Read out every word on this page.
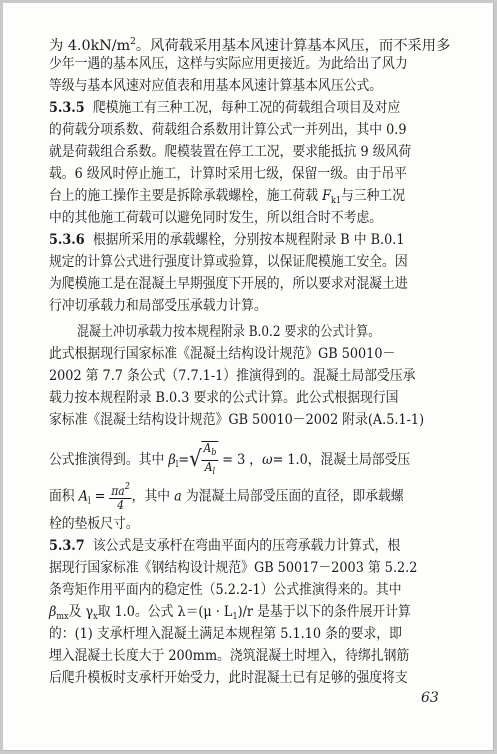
为 $4.0kN/m^2$。风荷载采用基本风速计算基本风压，而不采用多
少年一遇的基本风压，这样与实际应用更接近。为此给出了风力
等级与基本风速对应值表和用基本风速计算基本风压公式。
5.3.5 爬模施工有三种工况，每种工况的荷载组合项目及对应
的荷载分项系数、荷载组合系数用计算公式一并列出，其中 0.9
就是荷载组合系数。爬模装置在停工工况，要求能抵抗 9 级风荷
载。6 级风时停止施工，计算时采用七级，保留一级。由于吊平
台上的施工操作主要是拆除承载螺栓，施工荷载 $F_{k1}$与三种工况
中的其他施工荷载可以避免同时发生，所以组合时不考虑。
5.3.6 根据所采用的承载螺栓，分别按本规程附录 B 中 B.0.1
规定的计算公式进行强度计算或验算，以保证爬模施工安全。因
为爬模施工是在混凝土早期强度下开展的，所以要求对混凝土进
行冲切承载力和局部受压承载力计算。
混凝土冲切承载力按本规程附录 B.0.2 要求的公式计算。
此式根据现行国家标准《混凝土结构设计规范》GB 50010－
2002 第 7.7 条公式（7.7.1-1）推演得到的。混凝土局部受压承
载力按本规程附录 B.0.3 要求的公式计算。此公式根据现行国
家标准《混凝土结构设计规范》GB 50010－2002 附录(A.5.1-1)
公式推演得到。其中 $\beta_l=√ \frac{A_b}{A_l} = 3$ ，ω= 1.0，混凝土局部受压
面积 $A_l = \frac{\pi a^2}{4}$ ，其中 a 为混凝土局部受压面的直径，即承载螺
栓的垫板尺寸。
5.3.7 该公式是支承杆在弯曲平面内的压弯承载力计算式，根
据现行国家标准《钢结构设计规范》GB 50017－2003 第 5.2.2
条弯矩作用平面内的稳定性（5.2.2-1）公式推演得来的。其中
$\beta_{mx}$及 $\gamma_x$取 1.0。公式 $\lambda=(\mu \cdot L_1)/r$ 是基于以下的条件展开计算
的：(1) 支承杆埋入混凝土满足本规程第 5.1.10 条的要求，即
埋入混凝土长度大于 200mm。浇筑混凝土时埋入，待绑扎钢筋
后爬升模板时支承杆开始受力，此时混凝土已有足够的强度将支
63
